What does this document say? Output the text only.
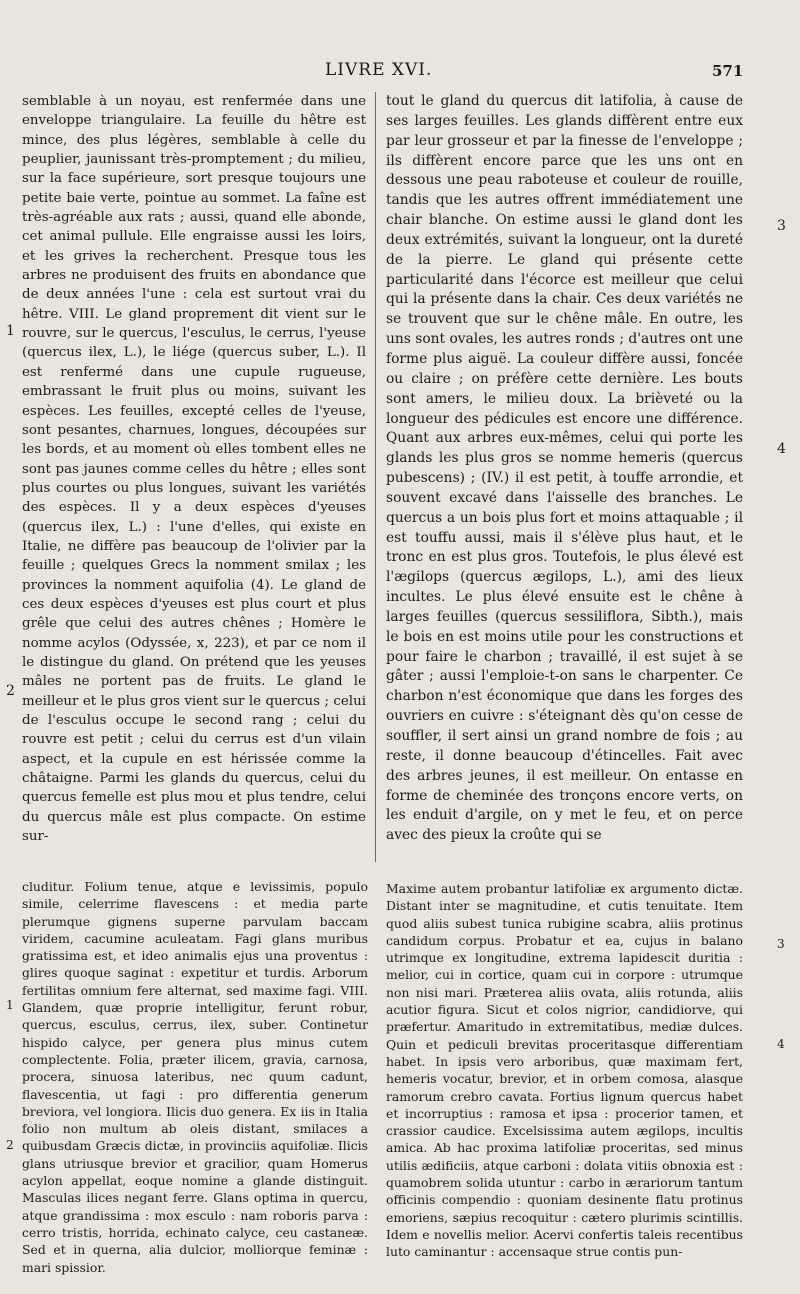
LIVRE XVI.	571

semblable à un noyau, est renfermée dans une enveloppe triangulaire. La feuille du hêtre est mince, des plus légères, semblable à celle du peuplier, jaunissant très-promptement ; du milieu, sur la face supérieure, sort presque toujours une petite baie verte, pointue au sommet. La faîne est très-agréable aux rats ; aussi, quand elle abonde, cet animal pullule. Elle engraisse aussi les loirs, et les grives la recherchent. Presque tous les arbres ne produisent des fruits en abondance que de deux années l'une : cela est surtout vrai du hêtre. VIII. Le gland proprement dit vient sur le rouvre, sur le quercus, l'esculus, le cerrus, l'yeuse (quercus ilex, L.), le liége (quercus suber, L.). Il est renfermé dans une cupule rugueuse, embrassant le fruit plus ou moins, suivant les espèces. Les feuilles, excepté celles de l'yeuse, sont pesantes, charnues, longues, découpées sur les bords, et au moment où elles tombent elles ne sont pas jaunes comme celles du hêtre ; elles sont plus courtes ou plus longues, suivant les variétés des espèces. Il y a deux espèces d'yeuses (quercus ilex, L.) : l'une d'elles, qui existe en Italie, ne diffère pas beaucoup de l'olivier par la feuille ; quelques Grecs la nomment smilax ; les provinces la nomment aquifolia (4). Le gland de ces deux espèces d'yeuses est plus court et plus grêle que celui des autres chênes ; Homère le nomme acylos (Odyssée, x, 223), et par ce nom il le distingue du gland. On prétend que les yeuses mâles ne portent pas de fruits. Le gland le meilleur et le plus gros vient sur le quercus ; celui de l'esculus occupe le second rang ; celui du rouvre est petit ; celui du cerrus est d'un vilain aspect, et la cupule en est hérissée comme la châtaigne. Parmi les glands du quercus, celui du quercus femelle est plus mou et plus tendre, celui du quercus mâle est plus compacte. On estime sur-

tout le gland du quercus dit latifolia, à cause de ses larges feuilles. Les glands diffèrent entre eux par leur grosseur et par la finesse de l'enveloppe ; ils diffèrent encore parce que les uns ont en dessous une peau raboteuse et couleur de rouille, tandis que les autres offrent immédiatement une chair blanche. On estime aussi le gland dont les deux extrémités, suivant la longueur, ont la dureté de la pierre. Le gland qui présente cette particularité dans l'écorce est meilleur que celui qui la présente dans la chair. Ces deux variétés ne se trouvent que sur le chêne mâle. En outre, les uns sont ovales, les autres ronds ; d'autres ont une forme plus aiguë. La couleur diffère aussi, foncée ou claire ; on préfère cette dernière. Les bouts sont amers, le milieu doux. La brièveté ou la longueur des pédicules est encore une différence. Quant aux arbres eux-mêmes, celui qui porte les glands les plus gros se nomme hemeris (quercus pubescens) ; (IV.) il est petit, à touffe arrondie, et souvent excavé dans l'aisselle des branches. Le quercus a un bois plus fort et moins attaquable ; il est touffu aussi, mais il s'élève plus haut, et le tronc en est plus gros. Toutefois, le plus élevé est l'ægilops (quercus ægilops, L.), ami des lieux incultes. Le plus élevé ensuite est le chêne à larges feuilles (quercus sessiliflora, Sibth.), mais le bois en est moins utile pour les constructions et pour faire le charbon ; travaillé, il est sujet à se gâter ; aussi l'emploie-t-on sans le charpenter. Ce charbon n'est économique que dans les forges des ouvriers en cuivre : s'éteignant dès qu'on cesse de souffler, il sert ainsi un grand nombre de fois ; au reste, il donne beaucoup d'étincelles. Fait avec des arbres jeunes, il est meilleur. On entasse en forme de cheminée des tronçons encore verts, on les enduit d'argile, on y met le feu, et on perce avec des pieux la croûte qui se

cluditur. Folium tenue, atque e levissimis, populo simile, celerrime flavescens : et media parte plerumque gignens superne parvulam baccam viridem, cacumine aculeatam. Fagi glans muribus gratissima est, et ideo animalis ejus una proventus : glires quoque saginat : expetitur et turdis. Arborum fertilitas omnium fere alternat, sed maxime fagi. VIII. Glandem, quæ proprie intelligitur, ferunt robur, quercus, esculus, cerrus, ilex, suber. Continetur hispido calyce, per genera plus minus cutem complectente. Folia, præter ilicem, gravia, carnosa, procera, sinuosa lateribus, nec quum cadunt, flavescentia, ut fagi : pro differentia generum breviora, vel longiora. Ilicis duo genera. Ex iis in Italia folio non multum ab oleis distant, smilaces a quibusdam Græcis dictæ, in provinciis aquifoliæ. Ilicis glans utriusque brevior et gracilior, quam Homerus acylon appellat, eoque nomine a glande distinguit. Masculas ilices negant ferre. Glans optima in quercu, atque grandissima : mox esculo : nam roboris parva : cerro tristis, horrida, echinato calyce, ceu castaneæ. Sed et in querna, alia dulcior, molliorque feminæ : mari spissior.

Maxime autem probantur latifoliæ ex argumento dictæ. Distant inter se magnitudine, et cutis tenuitate. Item quod aliis subest tunica rubigine scabra, aliis protinus candidum corpus. Probatur et ea, cujus in balano utrimque ex longitudine, extrema lapidescit duritia : melior, cui in cortice, quam cui in corpore : utrumque non nisi mari. Præterea aliis ovata, aliis rotunda, aliis acutior figura. Sicut et colos nigrior, candidiorve, qui præfertur. Amaritudo in extremitatibus, mediæ dulces. Quin et pediculi brevitas proceritasque differentiam habet. In ipsis vero arboribus, quæ maximam fert, hemeris vocatur, brevior, et in orbem comosa, alasque ramorum crebro cavata. Fortius lignum quercus habet et incorruptius : ramosa et ipsa : procerior tamen, et crassior caudice. Excelsissima autem ægilops, incultis amica. Ab hac proxima latifoliæ proceritas, sed minus utilis ædificiis, atque carboni : dolata vitiis obnoxia est : quamobrem solida utuntur : carbo in ærariorum tantum officinis compendio : quoniam desinente flatu protinus emoriens, sæpius recoquitur : cætero plurimis scintillis. Idem e novellis melior. Acervi confertis taleis recentibus luto caminantur : accensaque strue contis pun-

1
2
3
4
1
2
3
4
